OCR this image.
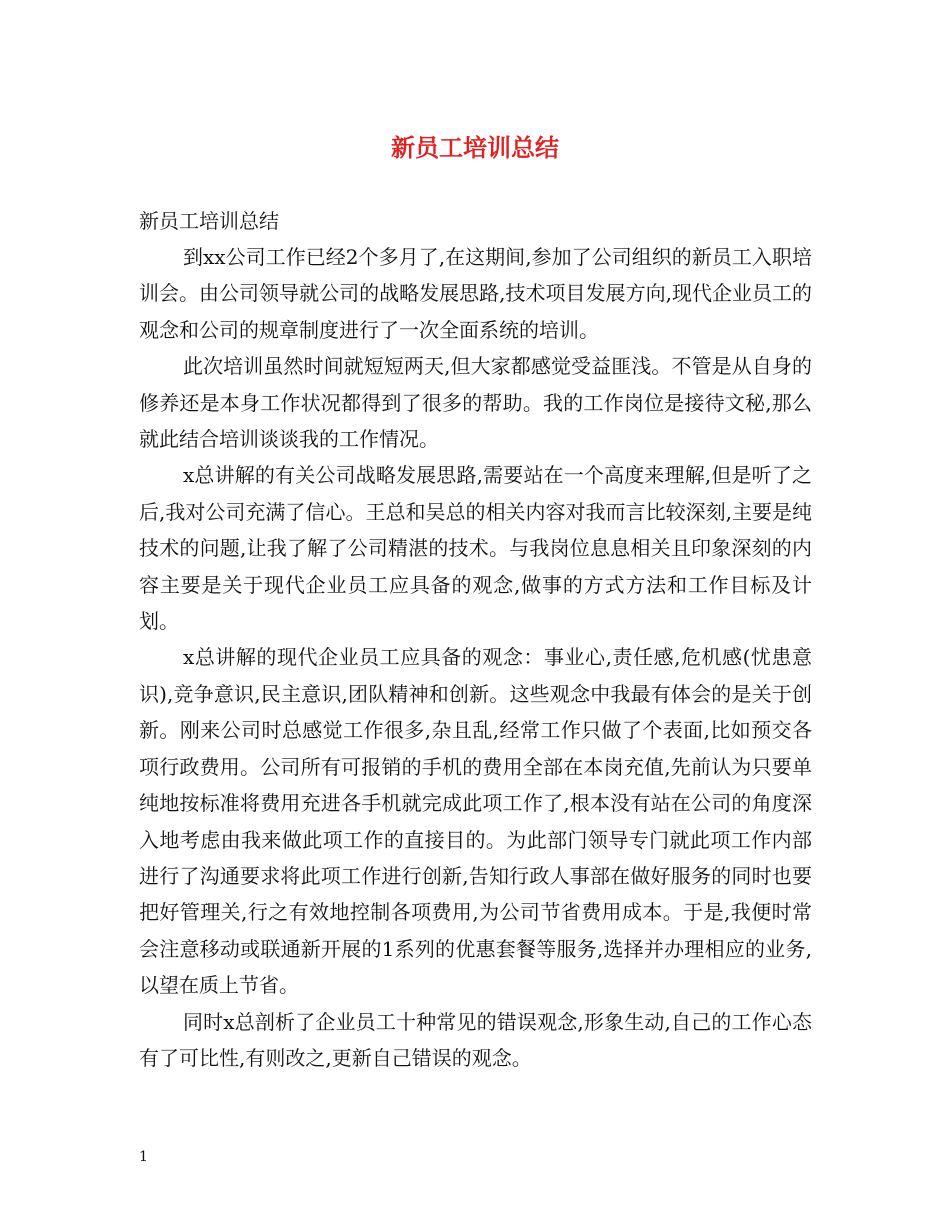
新员工培训总结

新员工培训总结

到xx公司工作已经2个多月了,在这期间,参加了公司组织的新员工入职培训会。由公司领导就公司的战略发展思路,技术项目发展方向,现代企业员工的观念和公司的规章制度进行了一次全面系统的培训。

此次培训虽然时间就短短两天,但大家都感觉受益匪浅。不管是从自身的修养还是本身工作状况都得到了很多的帮助。我的工作岗位是接待文秘,那么就此结合培训谈谈我的工作情况。

x总讲解的有关公司战略发展思路,需要站在一个高度来理解,但是听了之后,我对公司充满了信心。王总和吴总的相关内容对我而言比较深刻,主要是纯技术的问题,让我了解了公司精湛的技术。与我岗位息息相关且印象深刻的内容主要是关于现代企业员工应具备的观念,做事的方式方法和工作目标及计划。

x总讲解的现代企业员工应具备的观念：事业心,责任感,危机感(忧患意识),竞争意识,民主意识,团队精神和创新。这些观念中我最有体会的是关于创新。刚来公司时总感觉工作很多,杂且乱,经常工作只做了个表面,比如预交各项行政费用。公司所有可报销的手机的费用全部在本岗充值,先前认为只要单纯地按标准将费用充进各手机就完成此项工作了,根本没有站在公司的角度深入地考虑由我来做此项工作的直接目的。为此部门领导专门就此项工作内部进行了沟通要求将此项工作进行创新,告知行政人事部在做好服务的同时也要把好管理关,行之有效地控制各项费用,为公司节省费用成本。于是,我便时常会注意移动或联通新开展的1系列的优惠套餐等服务,选择并办理相应的业务,以望在质上节省。

同时x总剖析了企业员工十种常见的错误观念,形象生动,自己的工作心态有了可比性,有则改之,更新自己错误的观念。

1
